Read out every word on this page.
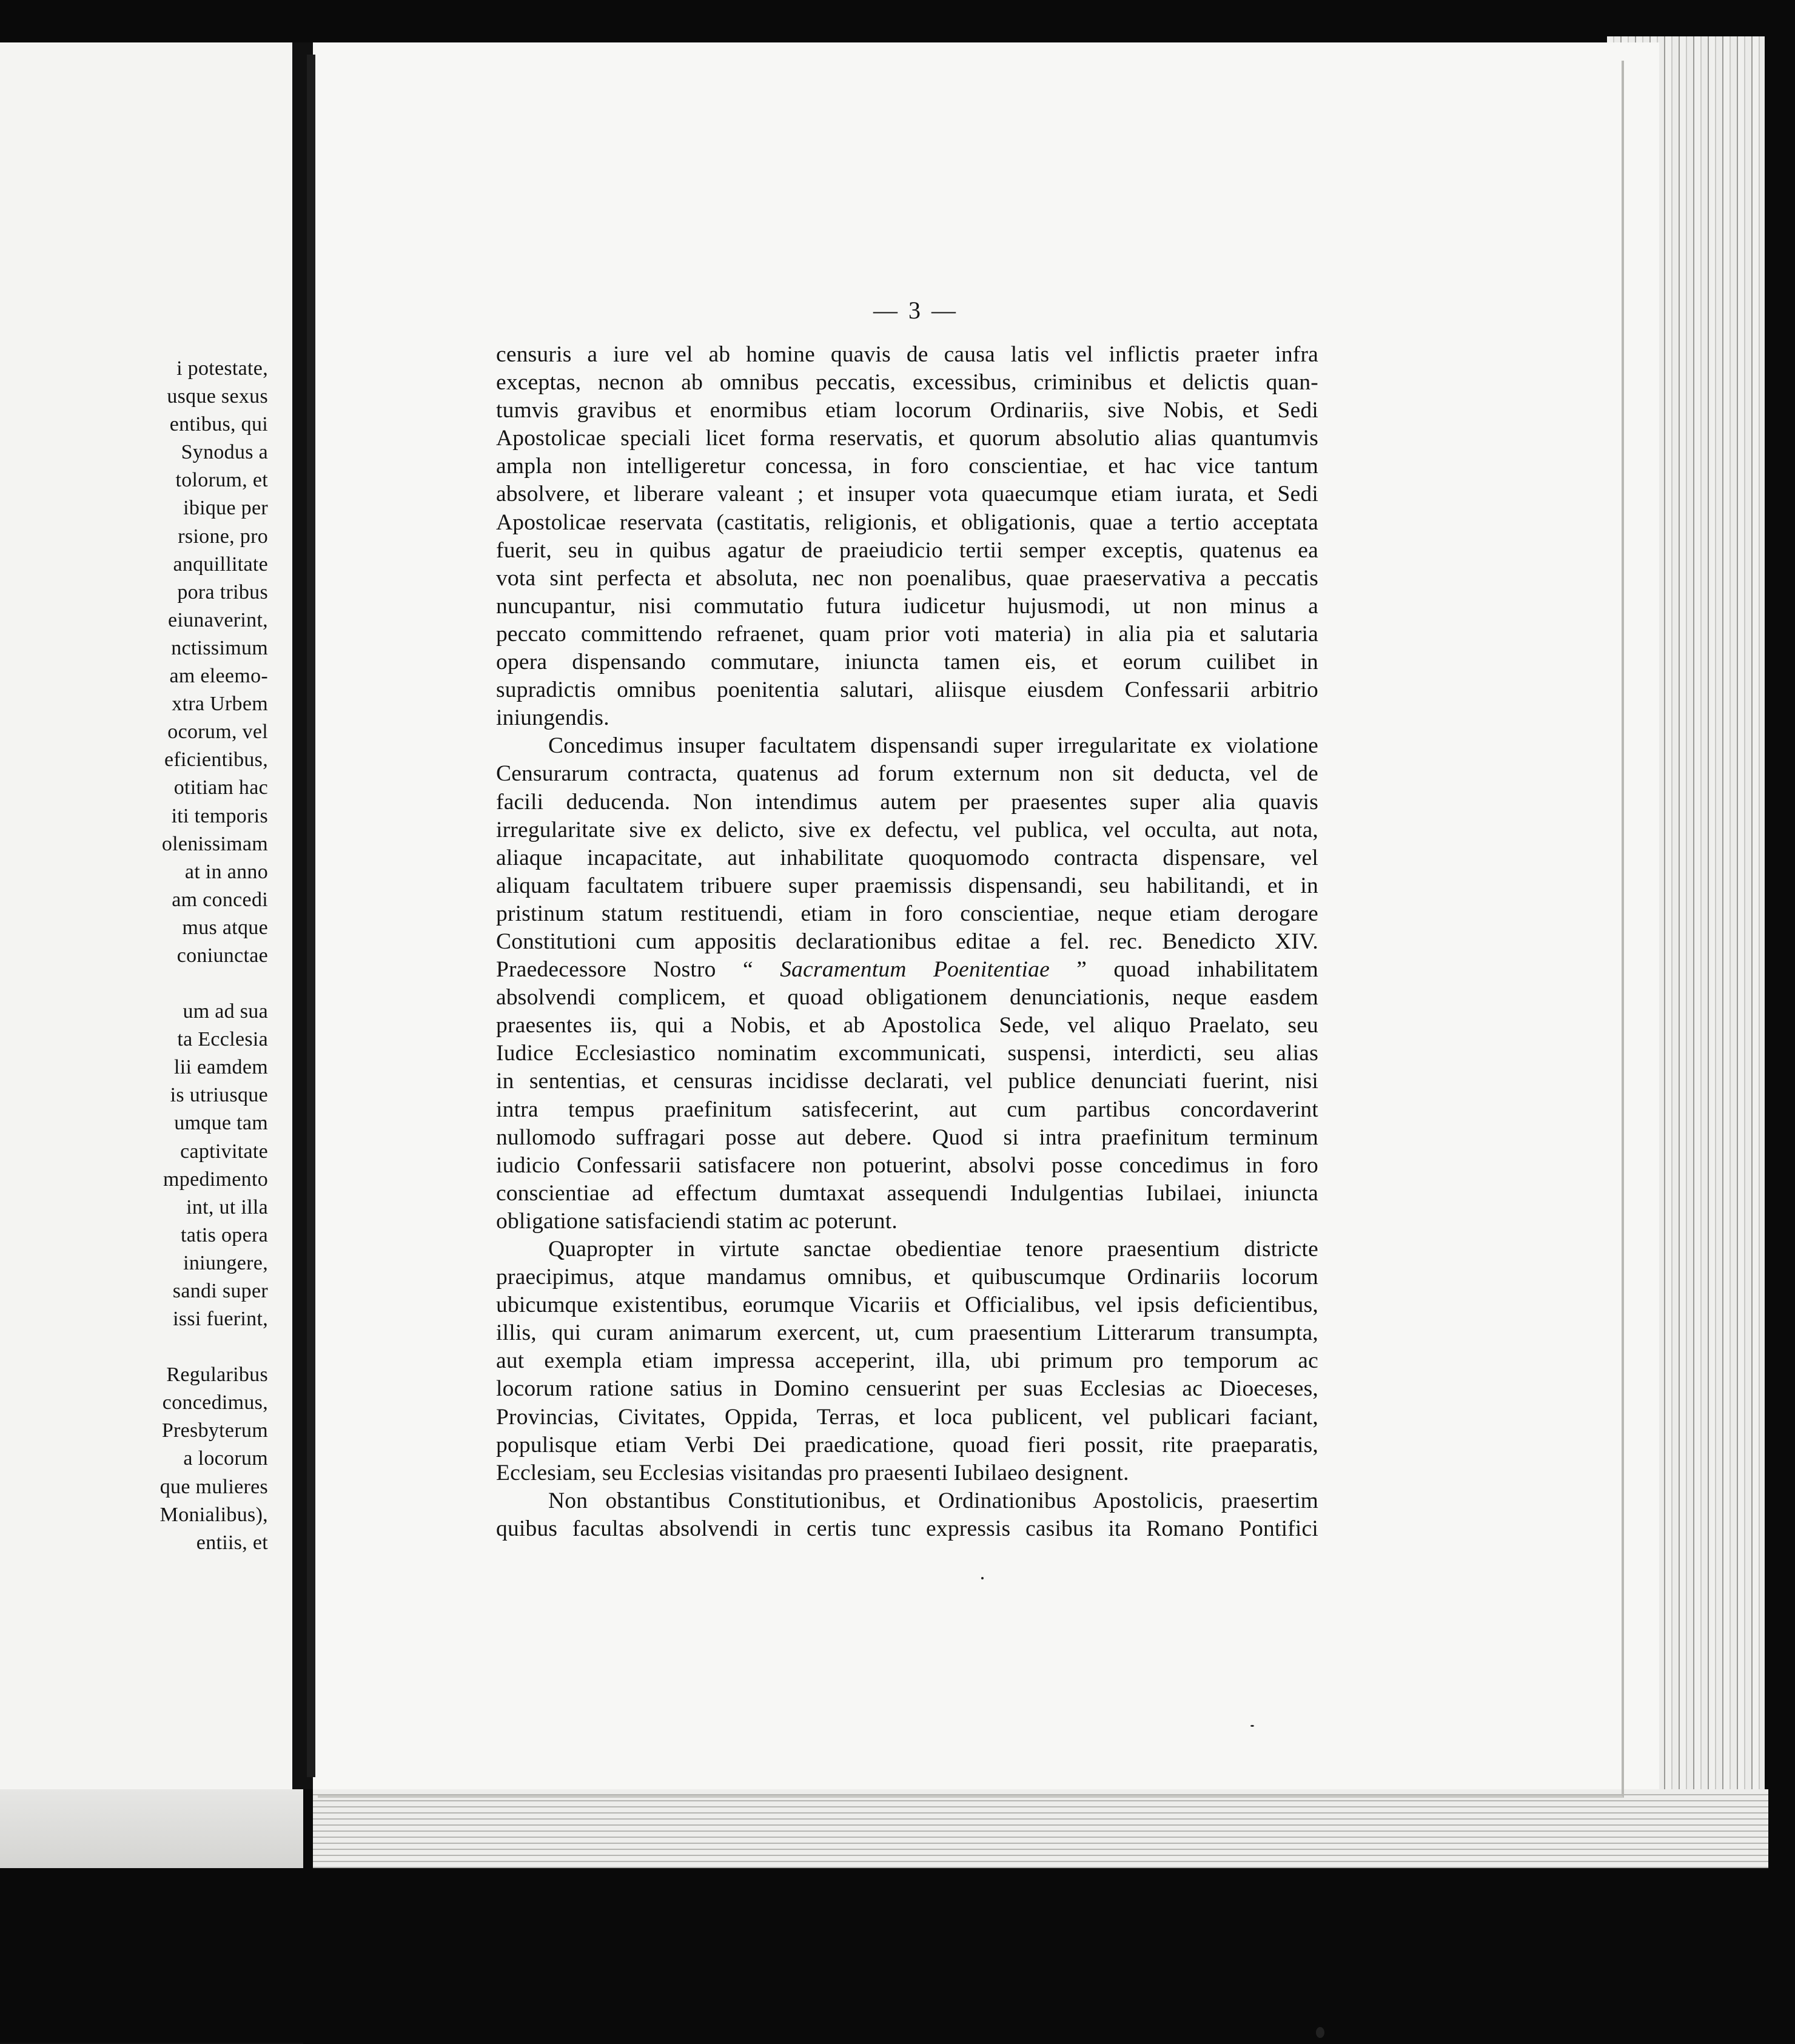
i potestate,
usque sexus
entibus, qui
Synodus a
tolorum, et
ibique per
rsione, pro
anquillitate
pora tribus
eiunaverint,
nctissimum
am eleemo-
xtra Urbem
ocorum, vel
eficientibus,
otitiam hac
iti temporis
olenissimam
at in anno
am concedi
mus atque
coniunctae
um ad sua
ta Ecclesia
lii eamdem
is utriusque
umque tam
captivitate
mpedimento
int, ut illa
tatis opera
iniungere,
sandi super
issi fuerint,
Regularibus
concedimus,
Presbyterum
a locorum
que mulieres
Monialibus),
entiis, et
— 3 —
censuris a iure vel ab homine quavis de causa latis vel inflictis praeter infra
exceptas, necnon ab omnibus peccatis, excessibus, criminibus et delictis quan-
tumvis gravibus et enormibus etiam locorum Ordinariis, sive Nobis, et Sedi
Apostolicae speciali licet forma reservatis, et quorum absolutio alias quantumvis
ampla non intelligeretur concessa, in foro conscientiae, et hac vice tantum
absolvere, et liberare valeant ; et insuper vota quaecumque etiam iurata, et Sedi
Apostolicae reservata (castitatis, religionis, et obligationis, quae a tertio acceptata
fuerit, seu in quibus agatur de praeiudicio tertii semper exceptis, quatenus ea
vota sint perfecta et absoluta, nec non poenalibus, quae praeservativa a peccatis
nuncupantur, nisi commutatio futura iudicetur hujusmodi, ut non minus a
peccato committendo refraenet, quam prior voti materia) in alia pia et salutaria
opera dispensando commutare, iniuncta tamen eis, et eorum cuilibet in
supradictis omnibus poenitentia salutari, aliisque eiusdem Confessarii arbitrio
iniungendis.
Concedimus insuper facultatem dispensandi super irregularitate ex violatione
Censurarum contracta, quatenus ad forum externum non sit deducta, vel de
facili deducenda. Non intendimus autem per praesentes super alia quavis
irregularitate sive ex delicto, sive ex defectu, vel publica, vel occulta, aut nota,
aliaque incapacitate, aut inhabilitate quoquomodo contracta dispensare, vel
aliquam facultatem tribuere super praemissis dispensandi, seu habilitandi, et in
pristinum statum restituendi, etiam in foro conscientiae, neque etiam derogare
Constitutioni cum appositis declarationibus editae a fel. rec. Benedicto XIV.
Praedecessore Nostro “ Sacramentum Poenitentiae ” quoad inhabilitatem
absolvendi complicem, et quoad obligationem denunciationis, neque easdem
praesentes iis, qui a Nobis, et ab Apostolica Sede, vel aliquo Praelato, seu
Iudice Ecclesiastico nominatim excommunicati, suspensi, interdicti, seu alias
in sententias, et censuras incidisse declarati, vel publice denunciati fuerint, nisi
intra tempus praefinitum satisfecerint, aut cum partibus concordaverint
nullomodo suffragari posse aut debere. Quod si intra praefinitum terminum
iudicio Confessarii satisfacere non potuerint, absolvi posse concedimus in foro
conscientiae ad effectum dumtaxat assequendi Indulgentias Iubilaei, iniuncta
obligatione satisfaciendi statim ac poterunt.
Quapropter in virtute sanctae obedientiae tenore praesentium districte
praecipimus, atque mandamus omnibus, et quibuscumque Ordinariis locorum
ubicumque existentibus, eorumque Vicariis et Officialibus, vel ipsis deficientibus,
illis, qui curam animarum exercent, ut, cum praesentium Litterarum transumpta,
aut exempla etiam impressa acceperint, illa, ubi primum pro temporum ac
locorum ratione satius in Domino censuerint per suas Ecclesias ac Dioeceses,
Provincias, Civitates, Oppida, Terras, et loca publicent, vel publicari faciant,
populisque etiam Verbi Dei praedicatione, quoad fieri possit, rite praeparatis,
Ecclesiam, seu Ecclesias visitandas pro praesenti Iubilaeo designent.
Non obstantibus Constitutionibus, et Ordinationibus Apostolicis, praesertim
quibus facultas absolvendi in certis tunc expressis casibus ita Romano Pontifici
